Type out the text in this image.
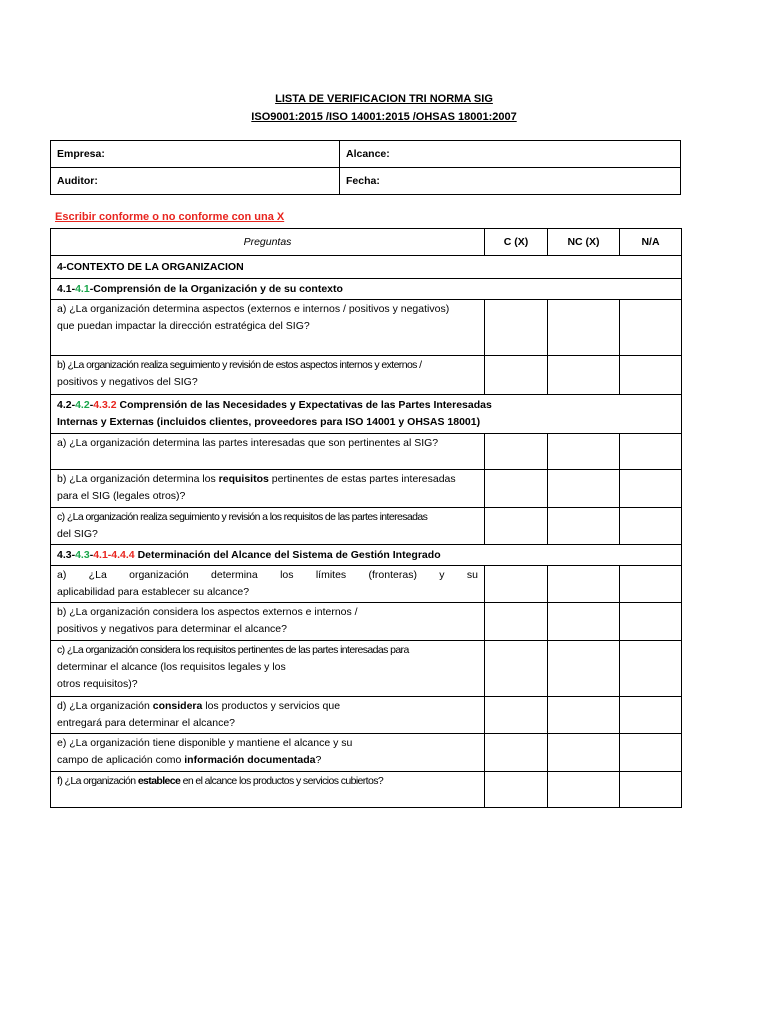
LISTA DE VERIFICACION TRI NORMA SIG
ISO9001:2015 /ISO 14001:2015 /OHSAS 18001:2007
Empresa:	Alcance:
Auditor:	Fecha:
Escribir conforme o no conforme con una X
Preguntas	C (X)	NC (X)	N/A
4-CONTEXTO DE LA ORGANIZACION			
4.1-4.1-Comprensión de la Organización y de su contexto			

a) ¿La organización determina aspectos (externos e internos / positivos y negativos)
que puedan impactar la dirección estratégica del SIG?			

b) ¿La organización realiza seguimiento y revisión de estos aspectos internos y externos /
positivos y negativos del SIG?			

4.2-4.2-4.3.2 Comprensión de las Necesidades y Expectativas de las Partes Interesadas
Internas y Externas (incluidos clientes, proveedores para ISO 14001 y OHSAS 18001)			

a) ¿La organización determina las partes interesadas que son pertinentes al SIG?			

b) ¿La organización determina los requisitos pertinentes de estas partes interesadas
para el SIG (legales otros)?			

c) ¿La organización realiza seguimiento y revisión a los requisitos de las partes interesadas
del SIG?			

4.3-4.3-4.1-4.4.4 Determinación del Alcance del Sistema de Gestión Integrado			

a) ¿La organización determina los límites (fronteras) y su
aplicabilidad para establecer su alcance?			

b) ¿La organización considera los aspectos externos e internos /
positivos y negativos para determinar el alcance?			

c) ¿La organización considera los requisitos pertinentes de las partes interesadas para
determinar el alcance (los requisitos legales y los
otros requisitos)?			

d) ¿La organización considera los productos y servicios que
entregará para determinar el alcance?			

e) ¿La organización tiene disponible y mantiene el alcance y su
campo de aplicación como información documentada?			

f) ¿La organización establece en el alcance los productos y servicios cubiertos?			
